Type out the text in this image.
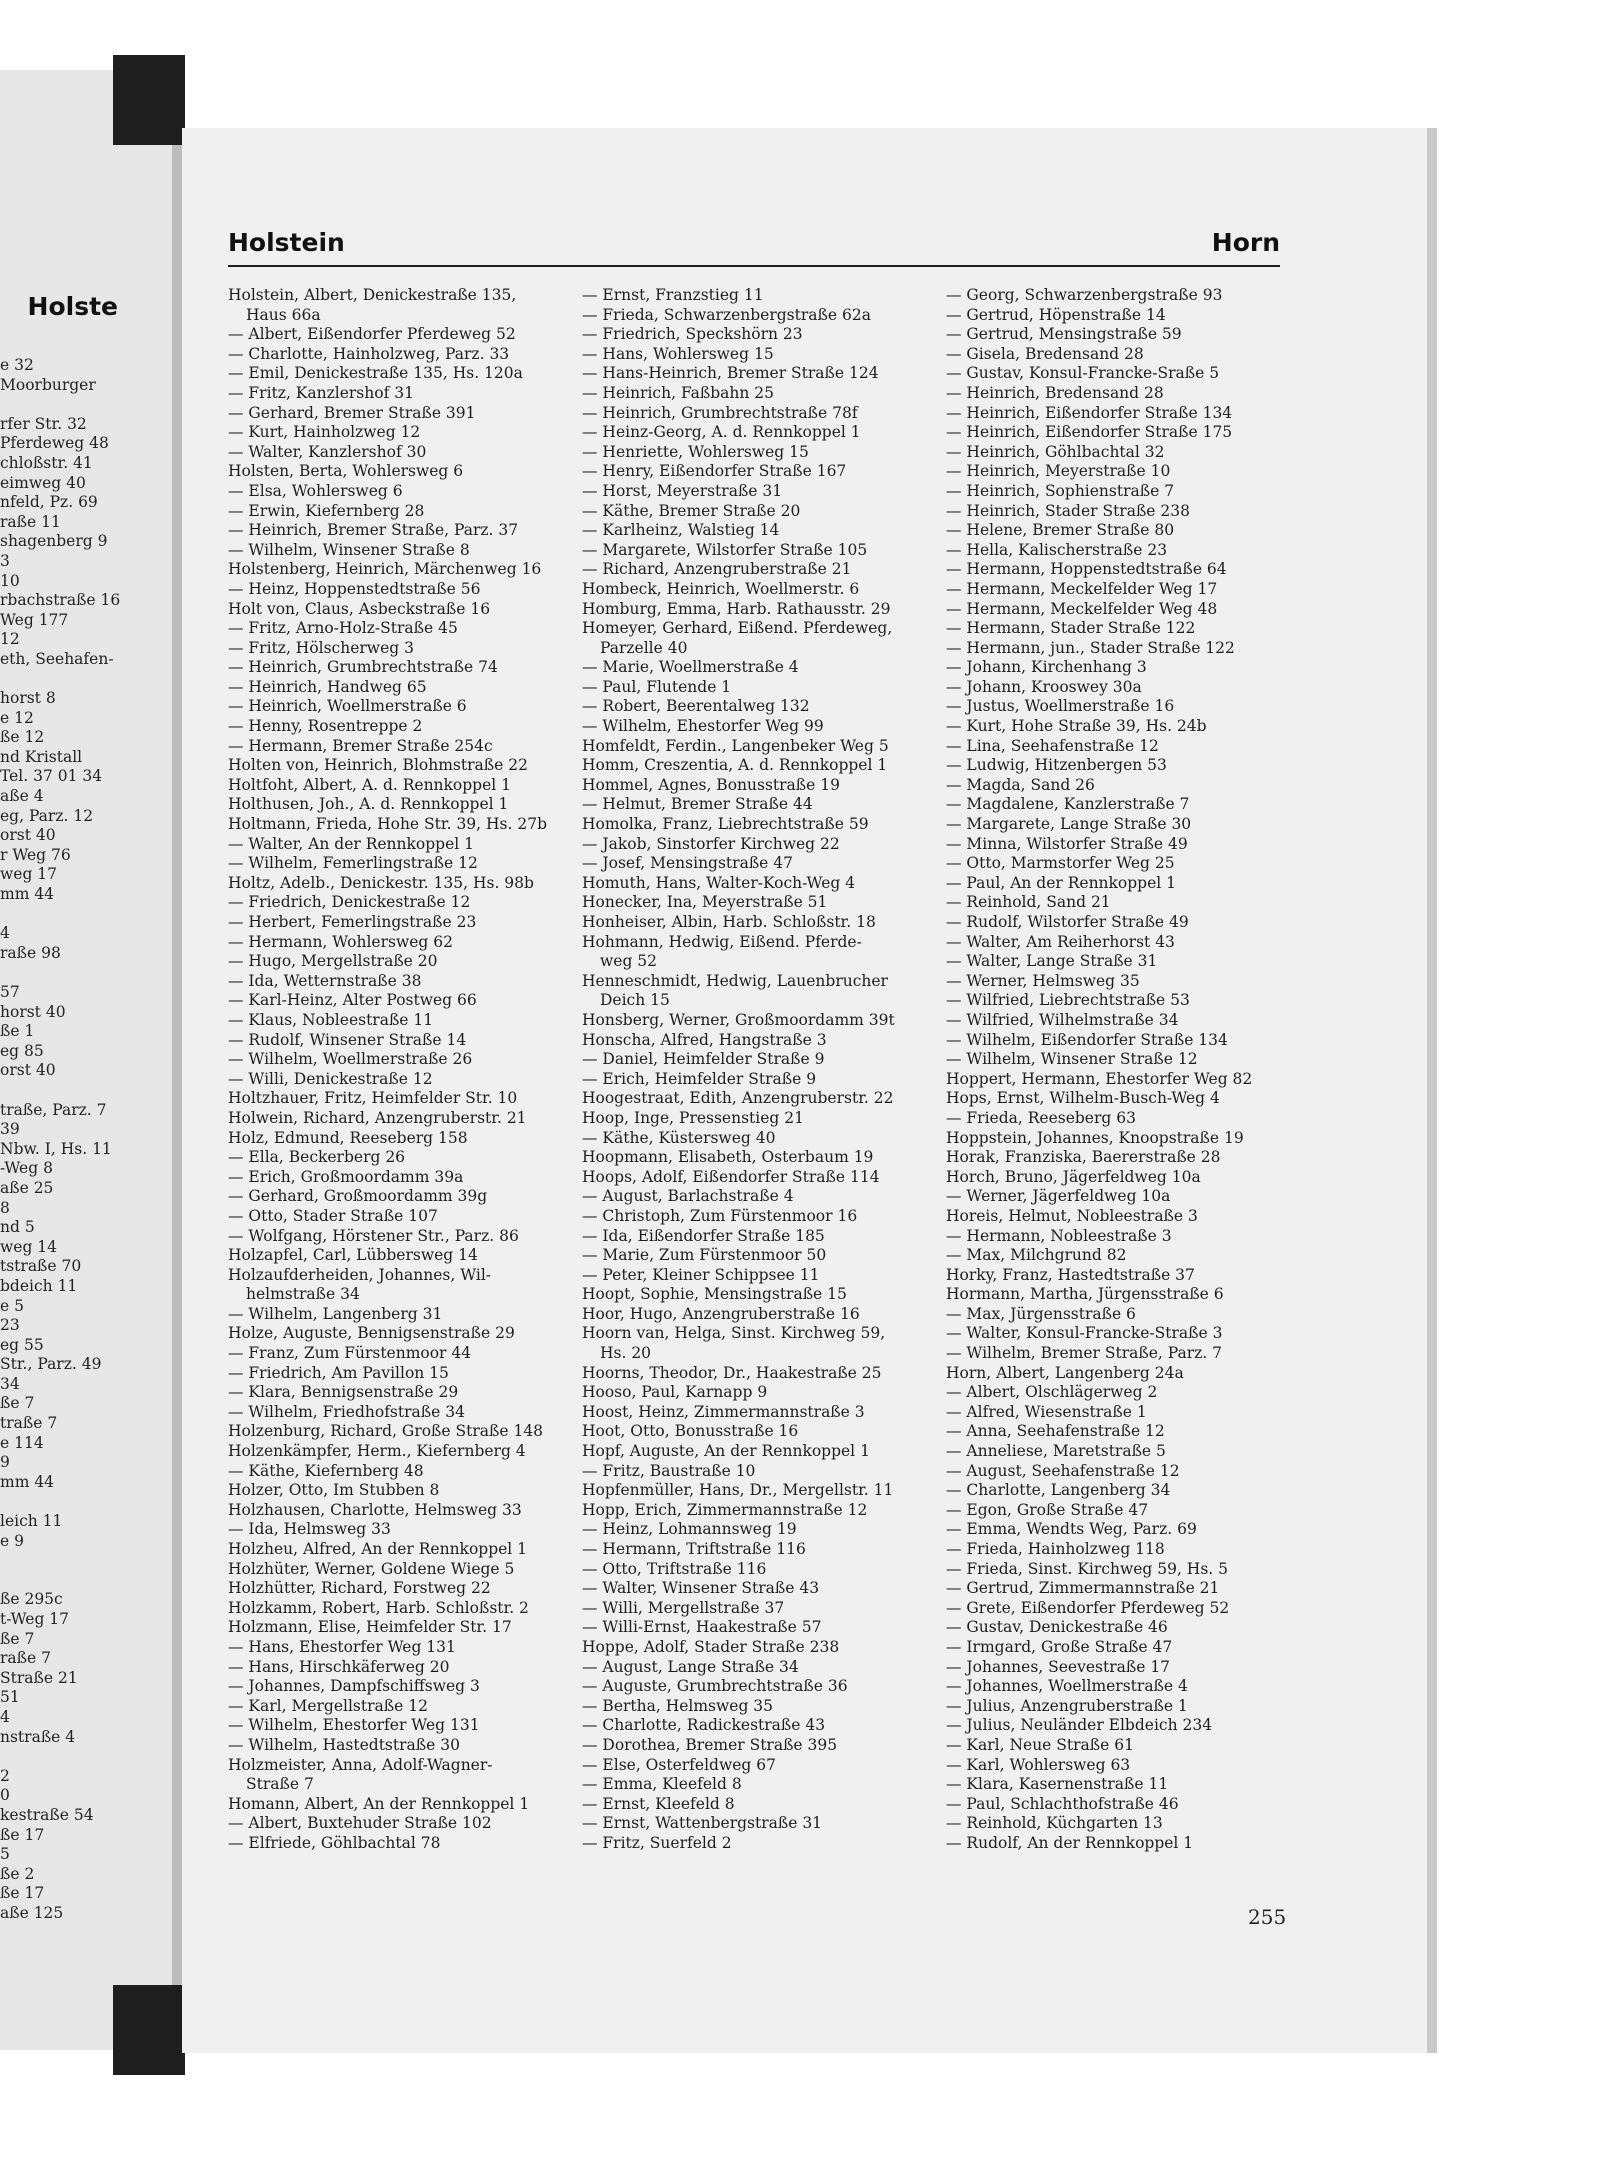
Holste
e 32
Moorburger
rfer Str. 32
Pferdeweg 48
chloßstr. 41
eimweg 40
nfeld, Pz. 69
raße 11
shagenberg 9
3
10
rbachstraße 16
Weg 177
12
eth, Seehafen-
horst 8
e 12
ße 12
nd Kristall
Tel. 37 01 34
aße 4
eg, Parz. 12
orst 40
r Weg 76
weg 17
mm 44
4
raße 98
57
horst 40
ße 1
eg 85
orst 40
traße, Parz. 7
39
Nbw. I, Hs. 11
-Weg 8
aße 25
8
nd 5
weg 14
tstraße 70
bdeich 11
e 5
23
eg 55
Str., Parz. 49
34
ße 7
traße 7
e 114
9
mm 44
leich 11
e 9
ße 295c
t-Weg 17
ße 7
raße 7
Straße 21
51
4
nstraße 4
2
0
kestraße 54
ße 17
5
ße 2
ße 17
aße 125
Holstein	Horn
Holstein, Albert, Denickestraße 135,
Haus 66a
— Albert, Eißendorfer Pferdeweg 52
— Charlotte, Hainholzweg, Parz. 33
— Emil, Denickestraße 135, Hs. 120a
— Fritz, Kanzlershof 31
— Gerhard, Bremer Straße 391
— Kurt, Hainholzweg 12
— Walter, Kanzlershof 30
Holsten, Berta, Wohlersweg 6
— Elsa, Wohlersweg 6
— Erwin, Kiefernberg 28
— Heinrich, Bremer Straße, Parz. 37
— Wilhelm, Winsener Straße 8
Holstenberg, Heinrich, Märchenweg 16
— Heinz, Hoppenstedtstraße 56
Holt von, Claus, Asbeckstraße 16
— Fritz, Arno-Holz-Straße 45
— Fritz, Hölscherweg 3
— Heinrich, Grumbrechtstraße 74
— Heinrich, Handweg 65
— Heinrich, Woellmerstraße 6
— Henny, Rosentreppe 2
— Hermann, Bremer Straße 254c
Holten von, Heinrich, Blohmstraße 22
Holtfoht, Albert, A. d. Rennkoppel 1
Holthusen, Joh., A. d. Rennkoppel 1
Holtmann, Frieda, Hohe Str. 39, Hs. 27b
— Walter, An der Rennkoppel 1
— Wilhelm, Femerlingstraße 12
Holtz, Adelb., Denickestr. 135, Hs. 98b
— Friedrich, Denickestraße 12
— Herbert, Femerlingstraße 23
— Hermann, Wohlersweg 62
— Hugo, Mergellstraße 20
— Ida, Wetternstraße 38
— Karl-Heinz, Alter Postweg 66
— Klaus, Nobleestraße 11
— Rudolf, Winsener Straße 14
— Wilhelm, Woellmerstraße 26
— Willi, Denickestraße 12
Holtzhauer, Fritz, Heimfelder Str. 10
Holwein, Richard, Anzengruberstr. 21
Holz, Edmund, Reeseberg 158
— Ella, Beckerberg 26
— Erich, Großmoordamm 39a
— Gerhard, Großmoordamm 39g
— Otto, Stader Straße 107
— Wolfgang, Hörstener Str., Parz. 86
Holzapfel, Carl, Lübbersweg 14
Holzaufderheiden, Johannes, Wil-
helmstraße 34
— Wilhelm, Langenberg 31
Holze, Auguste, Bennigsenstraße 29
— Franz, Zum Fürstenmoor 44
— Friedrich, Am Pavillon 15
— Klara, Bennigsenstraße 29
— Wilhelm, Friedhofstraße 34
Holzenburg, Richard, Große Straße 148
Holzenkämpfer, Herm., Kiefernberg 4
— Käthe, Kiefernberg 48
Holzer, Otto, Im Stubben 8
Holzhausen, Charlotte, Helmsweg 33
— Ida, Helmsweg 33
Holzheu, Alfred, An der Rennkoppel 1
Holzhüter, Werner, Goldene Wiege 5
Holzhütter, Richard, Forstweg 22
Holzkamm, Robert, Harb. Schloßstr. 2
Holzmann, Elise, Heimfelder Str. 17
— Hans, Ehestorfer Weg 131
— Hans, Hirschkäferweg 20
— Johannes, Dampfschiffsweg 3
— Karl, Mergellstraße 12
— Wilhelm, Ehestorfer Weg 131
— Wilhelm, Hastedtstraße 30
Holzmeister, Anna, Adolf-Wagner-
Straße 7
Homann, Albert, An der Rennkoppel 1
— Albert, Buxtehuder Straße 102
— Elfriede, Göhlbachtal 78
— Ernst, Franzstieg 11
— Frieda, Schwarzenbergstraße 62a
— Friedrich, Speckshörn 23
— Hans, Wohlersweg 15
— Hans-Heinrich, Bremer Straße 124
— Heinrich, Faßbahn 25
— Heinrich, Grumbrechtstraße 78f
— Heinz-Georg, A. d. Rennkoppel 1
— Henriette, Wohlersweg 15
— Henry, Eißendorfer Straße 167
— Horst, Meyerstraße 31
— Käthe, Bremer Straße 20
— Karlheinz, Walstieg 14
— Margarete, Wilstorfer Straße 105
— Richard, Anzengruberstraße 21
Hombeck, Heinrich, Woellmerstr. 6
Homburg, Emma, Harb. Rathausstr. 29
Homeyer, Gerhard, Eißend. Pferdeweg,
Parzelle 40
— Marie, Woellmerstraße 4
— Paul, Flutende 1
— Robert, Beerentalweg 132
— Wilhelm, Ehestorfer Weg 99
Homfeldt, Ferdin., Langenbeker Weg 5
Homm, Creszentia, A. d. Rennkoppel 1
Hommel, Agnes, Bonusstraße 19
— Helmut, Bremer Straße 44
Homolka, Franz, Liebrechtstraße 59
— Jakob, Sinstorfer Kirchweg 22
— Josef, Mensingstraße 47
Homuth, Hans, Walter-Koch-Weg 4
Honecker, Ina, Meyerstraße 51
Honheiser, Albin, Harb. Schloßstr. 18
Hohmann, Hedwig, Eißend. Pferde-
weg 52
Henneschmidt, Hedwig, Lauenbrucher
Deich 15
Honsberg, Werner, Großmoordamm 39t
Honscha, Alfred, Hangstraße 3
— Daniel, Heimfelder Straße 9
— Erich, Heimfelder Straße 9
Hoogestraat, Edith, Anzengruberstr. 22
Hoop, Inge, Pressenstieg 21
— Käthe, Küstersweg 40
Hoopmann, Elisabeth, Osterbaum 19
Hoops, Adolf, Eißendorfer Straße 114
— August, Barlachstraße 4
— Christoph, Zum Fürstenmoor 16
— Ida, Eißendorfer Straße 185
— Marie, Zum Fürstenmoor 50
— Peter, Kleiner Schippsee 11
Hoopt, Sophie, Mensingstraße 15
Hoor, Hugo, Anzengruberstraße 16
Hoorn van, Helga, Sinst. Kirchweg 59,
Hs. 20
Hoorns, Theodor, Dr., Haakestraße 25
Hooso, Paul, Karnapp 9
Hoost, Heinz, Zimmermannstraße 3
Hoot, Otto, Bonusstraße 16
Hopf, Auguste, An der Rennkoppel 1
— Fritz, Baustraße 10
Hopfenmüller, Hans, Dr., Mergellstr. 11
Hopp, Erich, Zimmermannstraße 12
— Heinz, Lohmannsweg 19
— Hermann, Triftstraße 116
— Otto, Triftstraße 116
— Walter, Winsener Straße 43
— Willi, Mergellstraße 37
— Willi-Ernst, Haakestraße 57
Hoppe, Adolf, Stader Straße 238
— August, Lange Straße 34
— Auguste, Grumbrechtstraße 36
— Bertha, Helmsweg 35
— Charlotte, Radickestraße 43
— Dorothea, Bremer Straße 395
— Else, Osterfeldweg 67
— Emma, Kleefeld 8
— Ernst, Kleefeld 8
— Ernst, Wattenbergstraße 31
— Fritz, Suerfeld 2
— Georg, Schwarzenbergstraße 93
— Gertrud, Höpenstraße 14
— Gertrud, Mensingstraße 59
— Gisela, Bredensand 28
— Gustav, Konsul-Francke-Sraße 5
— Heinrich, Bredensand 28
— Heinrich, Eißendorfer Straße 134
— Heinrich, Eißendorfer Straße 175
— Heinrich, Göhlbachtal 32
— Heinrich, Meyerstraße 10
— Heinrich, Sophienstraße 7
— Heinrich, Stader Straße 238
— Helene, Bremer Straße 80
— Hella, Kalischerstraße 23
— Hermann, Hoppenstedtstraße 64
— Hermann, Meckelfelder Weg 17
— Hermann, Meckelfelder Weg 48
— Hermann, Stader Straße 122
— Hermann, jun., Stader Straße 122
— Johann, Kirchenhang 3
— Johann, Krooswey 30a
— Justus, Woellmerstraße 16
— Kurt, Hohe Straße 39, Hs. 24b
— Lina, Seehafenstraße 12
— Ludwig, Hitzenbergen 53
— Magda, Sand 26
— Magdalene, Kanzlerstraße 7
— Margarete, Lange Straße 30
— Minna, Wilstorfer Straße 49
— Otto, Marmstorfer Weg 25
— Paul, An der Rennkoppel 1
— Reinhold, Sand 21
— Rudolf, Wilstorfer Straße 49
— Walter, Am Reiherhorst 43
— Walter, Lange Straße 31
— Werner, Helmsweg 35
— Wilfried, Liebrechtstraße 53
— Wilfried, Wilhelmstraße 34
— Wilhelm, Eißendorfer Straße 134
— Wilhelm, Winsener Straße 12
Hoppert, Hermann, Ehestorfer Weg 82
Hops, Ernst, Wilhelm-Busch-Weg 4
— Frieda, Reeseberg 63
Hoppstein, Johannes, Knoopstraße 19
Horak, Franziska, Baererstraße 28
Horch, Bruno, Jägerfeldweg 10a
— Werner, Jägerfeldweg 10a
Horeis, Helmut, Nobleestraße 3
— Hermann, Nobleestraße 3
— Max, Milchgrund 82
Horky, Franz, Hastedtstraße 37
Hormann, Martha, Jürgensstraße 6
— Max, Jürgensstraße 6
— Walter, Konsul-Francke-Straße 3
— Wilhelm, Bremer Straße, Parz. 7
Horn, Albert, Langenberg 24a
— Albert, Olschlägerweg 2
— Alfred, Wiesenstraße 1
— Anna, Seehafenstraße 12
— Anneliese, Maretstraße 5
— August, Seehafenstraße 12
— Charlotte, Langenberg 34
— Egon, Große Straße 47
— Emma, Wendts Weg, Parz. 69
— Frieda, Hainholzweg 118
— Frieda, Sinst. Kirchweg 59, Hs. 5
— Gertrud, Zimmermannstraße 21
— Grete, Eißendorfer Pferdeweg 52
— Gustav, Denickestraße 46
— Irmgard, Große Straße 47
— Johannes, Seevestraße 17
— Johannes, Woellmerstraße 4
— Julius, Anzengruberstraße 1
— Julius, Neuländer Elbdeich 234
— Karl, Neue Straße 61
— Karl, Wohlersweg 63
— Klara, Kasernenstraße 11
— Paul, Schlachthofstraße 46
— Reinhold, Küchgarten 13
— Rudolf, An der Rennkoppel 1
255
